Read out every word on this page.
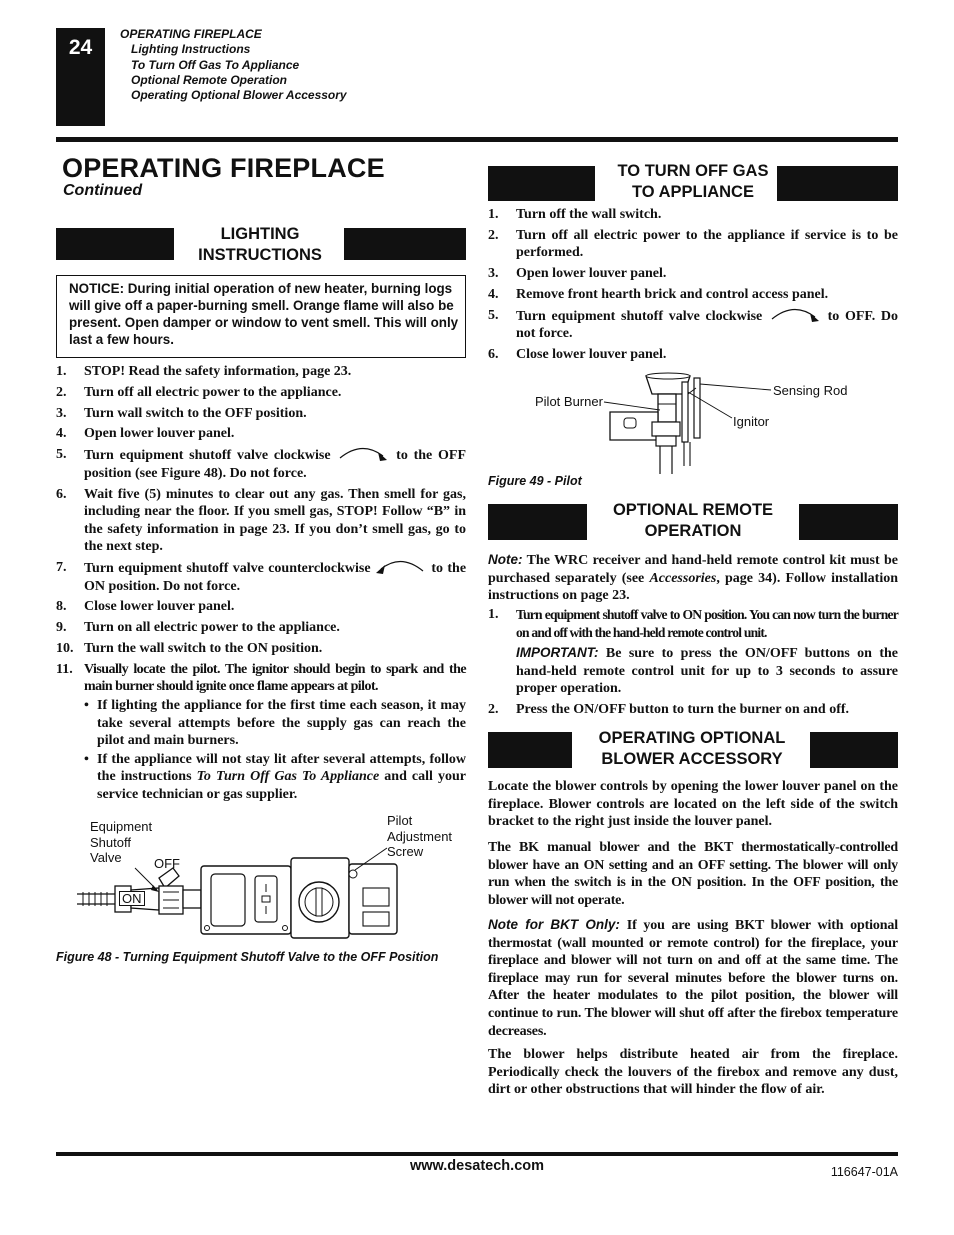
24
OPERATING FIREPLACE
Lighting Instructions
To Turn Off Gas To Appliance
Optional Remote Operation
Operating Optional Blower Accessory
OPERATING FIREPLACE
Continued
LIGHTING
INSTRUCTIONS
NOTICE: During initial operation of new heater, burning logs will give off a paper-burning smell. Orange flame will also be present. Open damper or window to vent smell. This will only last a few hours.
1. STOP! Read the safety information, page 23.
2. Turn off all electric power to the appliance.
3. Turn wall switch to the OFF position.
4. Open lower louver panel.
5. Turn equipment shutoff valve clockwise	to the OFF position (see Figure 48). Do not force.
6. Wait five (5) minutes to clear out any gas. Then smell for gas, including near the floor. If you smell gas, STOP! Follow “B” in the safety information in page 23. If you don’t smell gas, go to the next step.
7. Turn equipment shutoff valve counterclockwise	to the ON position. Do not force.
8. Close lower louver panel.
9. Turn on all electric power to the appliance.
10. Turn the wall switch to the ON position.
11. Visually locate the pilot. The ignitor should begin to spark and the main burner should ignite once flame appears at pilot.
• If lighting the appliance for the first time each season, it may take several attempts before the supply gas can reach the pilot and main burners.
• If the appliance will not stay lit after several attempts, follow the instructions To Turn Off Gas To Appliance and call your service technician or gas supplier.
Equipment
Shutoff
Valve	OFF
Pilot
Adjustment
Screw
ON
Figure 48 - Turning Equipment Shutoff Valve to the OFF Position
TO TURN OFF GAS
TO APPLIANCE
1. Turn off the wall switch.
2. Turn off all electric power to the appliance if service is to be performed.
3. Open lower louver panel.
4. Remove front hearth brick and control access panel.
5. Turn equipment shutoff valve clockwise	to OFF. Do not force.
6. Close lower louver panel.
Pilot Burner
Sensing Rod
Ignitor
Figure 49 - Pilot
OPTIONAL REMOTE
OPERATION
Note: The WRC receiver and hand-held remote control kit must be purchased separately (see Accessories, page 34). Follow installation instructions on page 23.
1. Turn equipment shutoff valve to ON position. You can now turn the burner on and off with the hand-held remote control unit.
IMPORTANT: Be sure to press the ON/OFF buttons on the hand-held remote control unit for up to 3 seconds to assure proper operation.
2. Press the ON/OFF button to turn the burner on and off.
OPERATING OPTIONAL
BLOWER ACCESSORY
Locate the blower controls by opening the lower louver panel on the fireplace. Blower controls are located on the left side of the switch bracket to the right just inside the louver panel.
The BK manual blower and the BKT thermostatically-controlled blower have an ON setting and an OFF setting. The blower will only run when the switch is in the ON position. In the OFF position, the blower will not operate.
Note for BKT Only: If you are using BKT blower with optional thermostat (wall mounted or remote control) for the fireplace, your fireplace and blower will not turn on and off at the same time. The fireplace may run for several minutes before the blower turns on. After the heater modulates to the pilot position, the blower will continue to run. The blower will shut off after the firebox temperature decreases.
The blower helps distribute heated air from the fireplace. Periodically check the louvers of the firebox and remove any dust, dirt or other obstructions that will hinder the flow of air.
www.desatech.com	116647-01A
